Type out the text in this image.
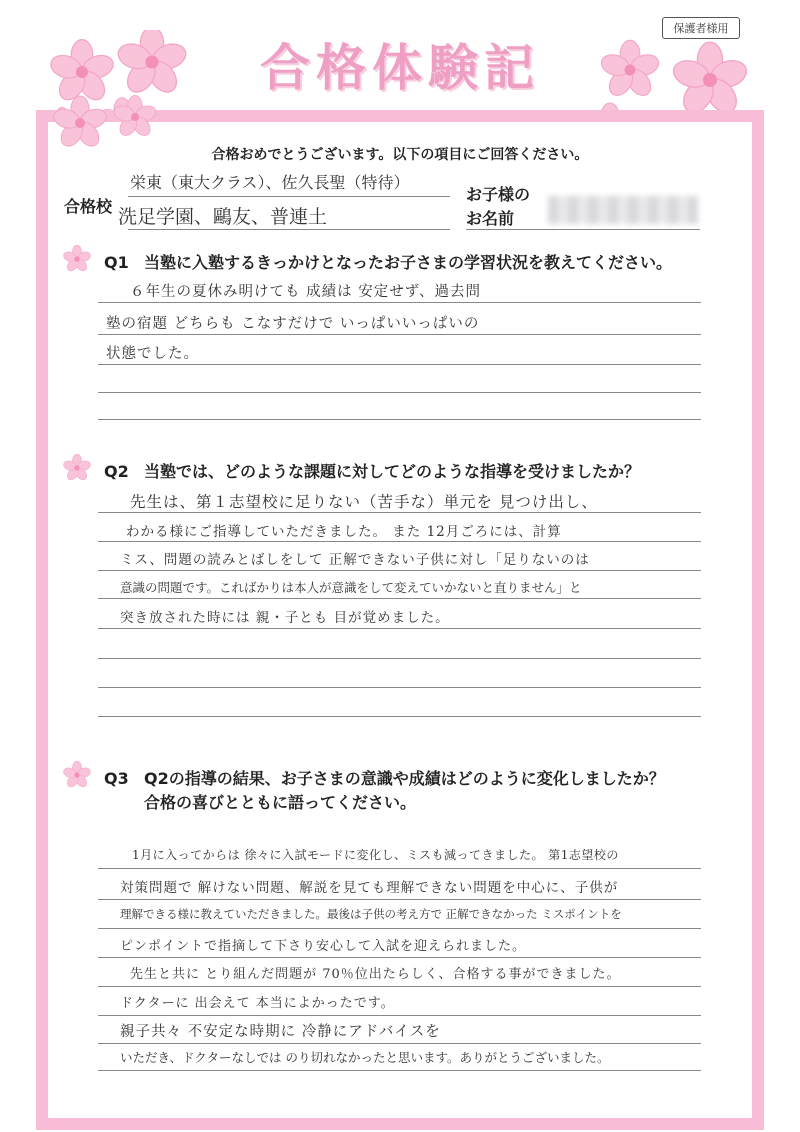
保護者様用
合格体験記
合格おめでとうございます。以下の項目にご回答ください。
合格校
栄東（東大クラス）、佐久長聖（特待）
洗足学園、鷗友、普連土
お子様の
お名前
Q1 当塾に入塾するきっかけとなったお子さまの学習状況を教えてください。
６年生の夏休み明けても 成績は 安定せず、過去問
塾の宿題 どちらも こなすだけで いっぱいいっぱいの
状態でした。
Q2 当塾では、どのような課題に対してどのような指導を受けましたか？
先生は、第１志望校に足りない（苦手な）単元を 見つけ出し、
わかる様にご指導していただきました。 また 12月ごろには、計算
ミス、問題の読みとばしをして 正解できない子供に対し「足りないのは
意識の問題です。こればかりは本人が意識をして変えていかないと直りません」と
突き放された時には 親・子とも 目が覚めました。
Q3 Q2の指導の結果、お子さまの意識や成績はどのように変化しましたか？
合格の喜びとともに語ってください。
1月に入ってからは 徐々に入試モードに変化し、ミスも減ってきました。 第1志望校の
対策問題で 解けない問題、解説を見ても理解できない問題を中心に、子供が
理解できる様に教えていただきました。最後は子供の考え方で 正解できなかった ミスポイントを
ピンポイントで指摘して下さり安心して入試を迎えられました。
先生と共に とり組んだ問題が 70％位出たらしく、合格する事ができました。
ドクターに 出会えて 本当によかったです。
親子共々 不安定な時期に 冷静にアドバイスを
いただき、ドクターなしでは のり切れなかったと思います。ありがとうございました。
